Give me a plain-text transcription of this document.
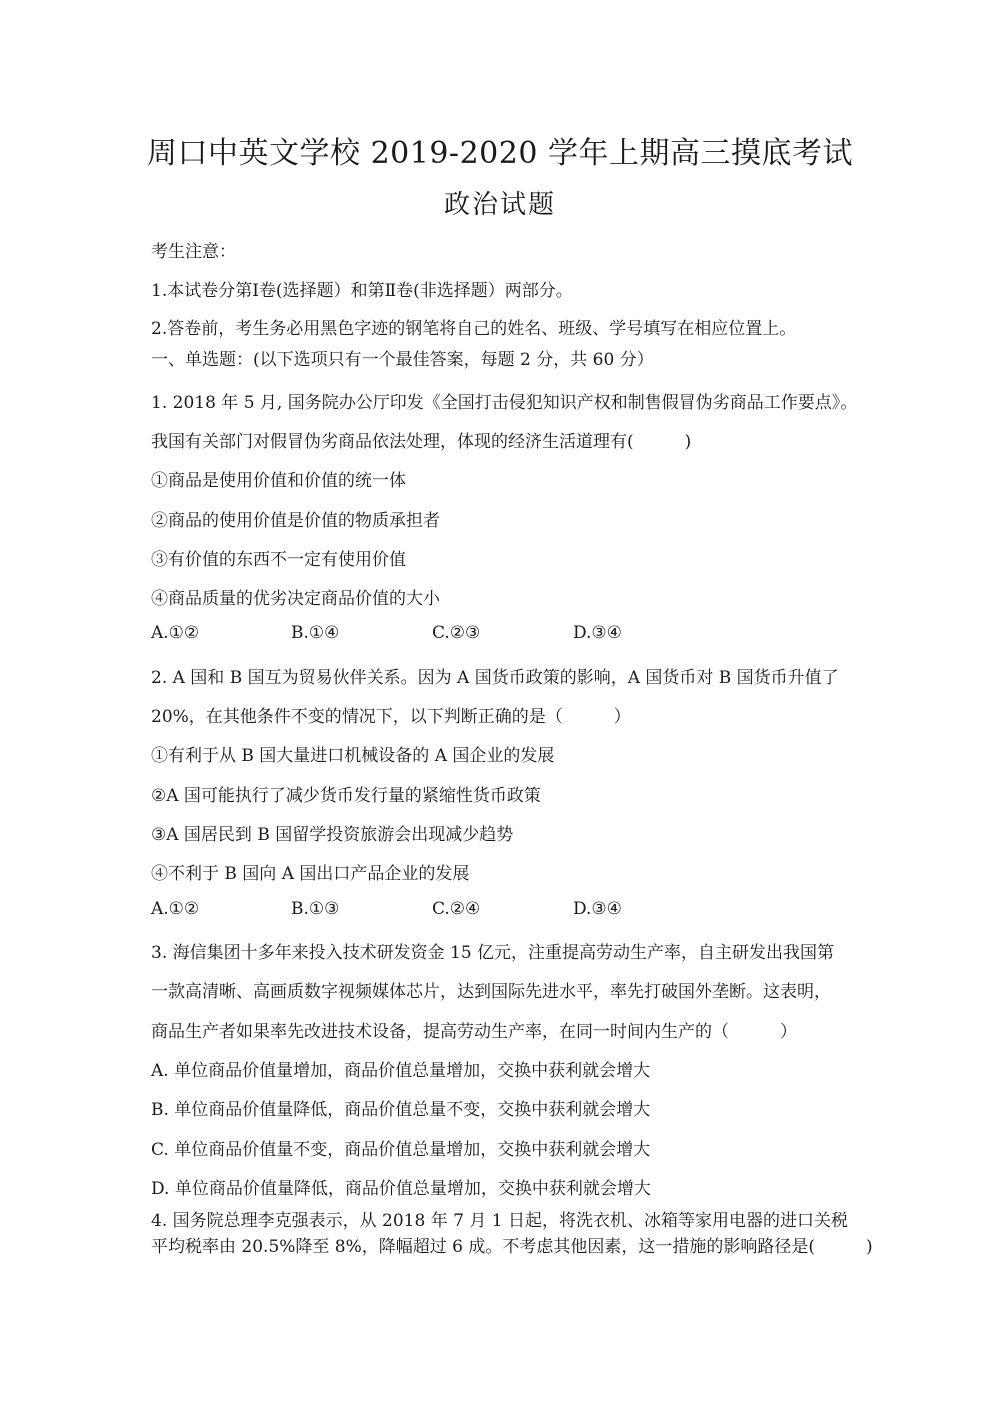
周口中英文学校 2019-2020 学年上期高三摸底考试
政治试题
考生注意：
1.本试卷分第Ⅰ卷(选择题）和第Ⅱ卷(非选择题）两部分。
2.答卷前，考生务必用黑色字迹的钢笔将自己的姓名、班级、学号填写在相应位置上。
一、单选题：(以下选项只有一个最佳答案，每题 2 分，共 60 分）
1. 2018 年 5 月, 国务院办公厅印发《全国打击侵犯知识产权和制售假冒伪劣商品工作要点》。
我国有关部门对假冒伪劣商品依法处理，体现的经济生活道理有(　　　)
①商品是使用价值和价值的统一体
②商品的使用价值是价值的物质承担者
③有价值的东西不一定有使用价值
④商品质量的优劣决定商品价值的大小
A.①②	B.①④	C.②③	D.③④
2. A 国和 B 国互为贸易伙伴关系。因为 A 国货币政策的影响，A 国货币对 B 国货币升值了
20%，在其他条件不变的情况下，以下判断正确的是（　　　）
①有利于从 B 国大量进口机械设备的 A 国企业的发展
②A 国可能执行了减少货币发行量的紧缩性货币政策
③A 国居民到 B 国留学投资旅游会出现减少趋势
④不利于 B 国向 A 国出口产品企业的发展
A.①②	B.①③	C.②④	D.③④
3. 海信集团十多年来投入技术研发资金 15 亿元，注重提高劳动生产率，自主研发出我国第
一款高清晰、高画质数字视频媒体芯片，达到国际先进水平，率先打破国外垄断。这表明，
商品生产者如果率先改进技术设备，提高劳动生产率，在同一时间内生产的（　　　）
A. 单位商品价值量增加，商品价值总量增加，交换中获利就会增大
B. 单位商品价值量降低，商品价值总量不变，交换中获利就会增大
C. 单位商品价值量不变，商品价值总量增加，交换中获利就会增大
D. 单位商品价值量降低，商品价值总量增加，交换中获利就会增大
4. 国务院总理李克强表示，从 2018 年 7 月 1 日起，将洗衣机、冰箱等家用电器的进口关税
平均税率由 20.5%降至 8%，降幅超过 6 成。不考虑其他因素，这一措施的影响路径是(　　　)
